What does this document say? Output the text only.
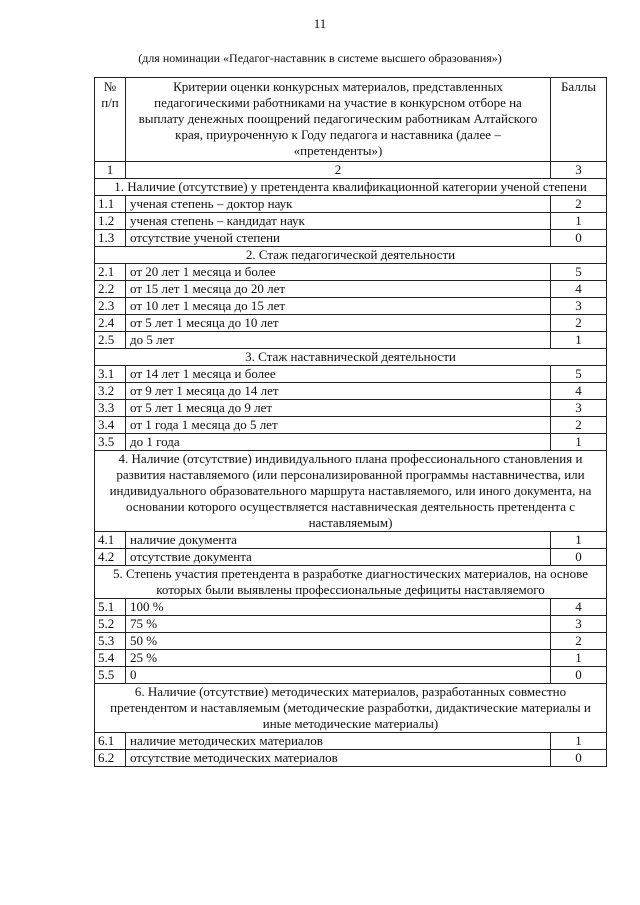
11
(для номинации «Педагог-наставник в системе высшего образования»)
№ п/п	Критерии оценки конкурсных материалов, представленных педагогическими работниками на участие в конкурсном отборе на выплату денежных поощрений педагогическим работникам Алтайского края, приуроченную к Году педагога и наставника (далее – «претенденты»)	Баллы
1	2	3
1. Наличие (отсутствие) у претендента квалификационной категории ученой степени		
1.1	ученая степень – доктор наук	2
1.2	ученая степень – кандидат наук	1
1.3	отсутствие ученой степени	0
2. Стаж педагогической деятельности		
2.1	от 20 лет 1 месяца и более	5
2.2	от 15 лет 1 месяца до 20 лет	4
2.3	от 10 лет 1 месяца до 15 лет	3
2.4	от 5 лет 1 месяца до 10 лет	2
2.5	до 5 лет	1
3. Стаж наставнической деятельности		
3.1	от 14 лет 1 месяца и более	5
3.2	от 9 лет 1 месяца до 14 лет	4
3.3	от 5 лет 1 месяца до 9 лет	3
3.4	от 1 года 1 месяца до 5 лет	2
3.5	до 1 года	1
4. Наличие (отсутствие) индивидуального плана профессионального становления и развития наставляемого (или персонализированной программы наставничества, или индивидуального образовательного маршрута наставляемого, или иного документа, на основании которого осуществляется наставническая деятельность претендента с наставляемым)		
4.1	наличие документа	1
4.2	отсутствие документа	0
5. Степень участия претендента в разработке диагностических материалов, на основе которых были выявлены профессиональные дефициты наставляемого		
5.1	100 %	4
5.2	75 %	3
5.3	50 %	2
5.4	25 %	1
5.5	0	0
6. Наличие (отсутствие) методических материалов, разработанных совместно претендентом и наставляемым (методические разработки, дидактические материалы и иные методические материалы)		
6.1	наличие методических материалов	1
6.2	отсутствие методических материалов	0
